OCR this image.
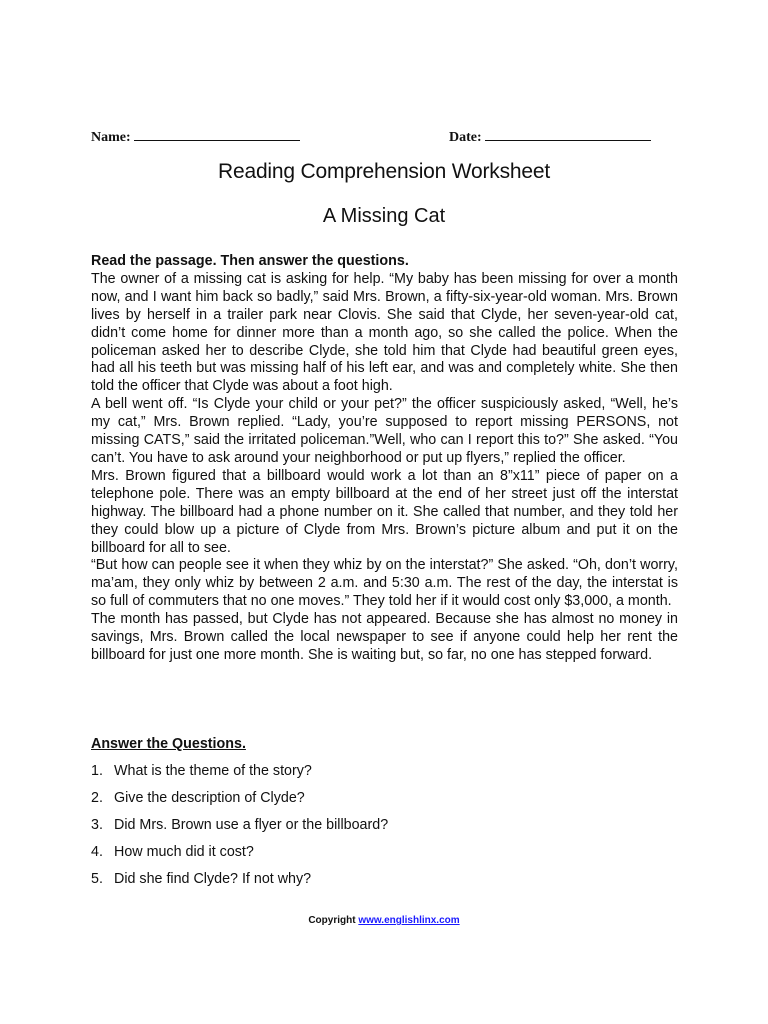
Name:	Date:
Reading Comprehension Worksheet
A Missing Cat

Read the passage. Then answer the questions.

The owner of a missing cat is asking for help. “My baby has been missing for over a month now, and I want him back so badly,” said Mrs. Brown, a fifty-six-year-old woman. Mrs. Brown lives by herself in a trailer park near Clovis. She said that Clyde, her seven-year-old cat, didn’t come home for dinner more than a month ago, so she called the police. When the policeman asked her to describe Clyde, she told him that Clyde had beautiful green eyes, had all his teeth but was missing half of his left ear, and was and completely white. She then told the officer that Clyde was about a foot high.

A bell went off. “Is Clyde your child or your pet?” the officer suspiciously asked, “Well, he’s my cat,” Mrs. Brown replied. “Lady, you’re supposed to report missing PERSONS, not missing CATS,” said the irritated policeman.”Well, who can I report this to?” She asked. “You can’t. You have to ask around your neighborhood or put up flyers,” replied the officer.

Mrs. Brown figured that a billboard would work a lot than an 8”x11” piece of paper on a telephone pole. There was an empty billboard at the end of her street just off the interstat highway. The billboard had a phone number on it. She called that number, and they told her they could blow up a picture of Clyde from Mrs. Brown’s picture album and put it on the billboard for all to see.

“But how can people see it when they whiz by on the interstat?” She asked. “Oh, don’t worry, ma’am, they only whiz by between 2 a.m. and 5:30 a.m. The rest of the day, the interstat is so full of commuters that no one moves.” They told her if it would cost only $3,000, a month.

The month has passed, but Clyde has not appeared. Because she has almost no money in savings, Mrs. Brown called the local newspaper to see if anyone could help her rent the billboard for just one more month. She is waiting but, so far, no one has stepped forward.

Answer the Questions.
1. What is the theme of the story?
2. Give the description of Clyde?
3. Did Mrs. Brown use a flyer or the billboard?
4. How much did it cost?
5. Did she find Clyde? If not why?
Copyright www.englishlinx.com
